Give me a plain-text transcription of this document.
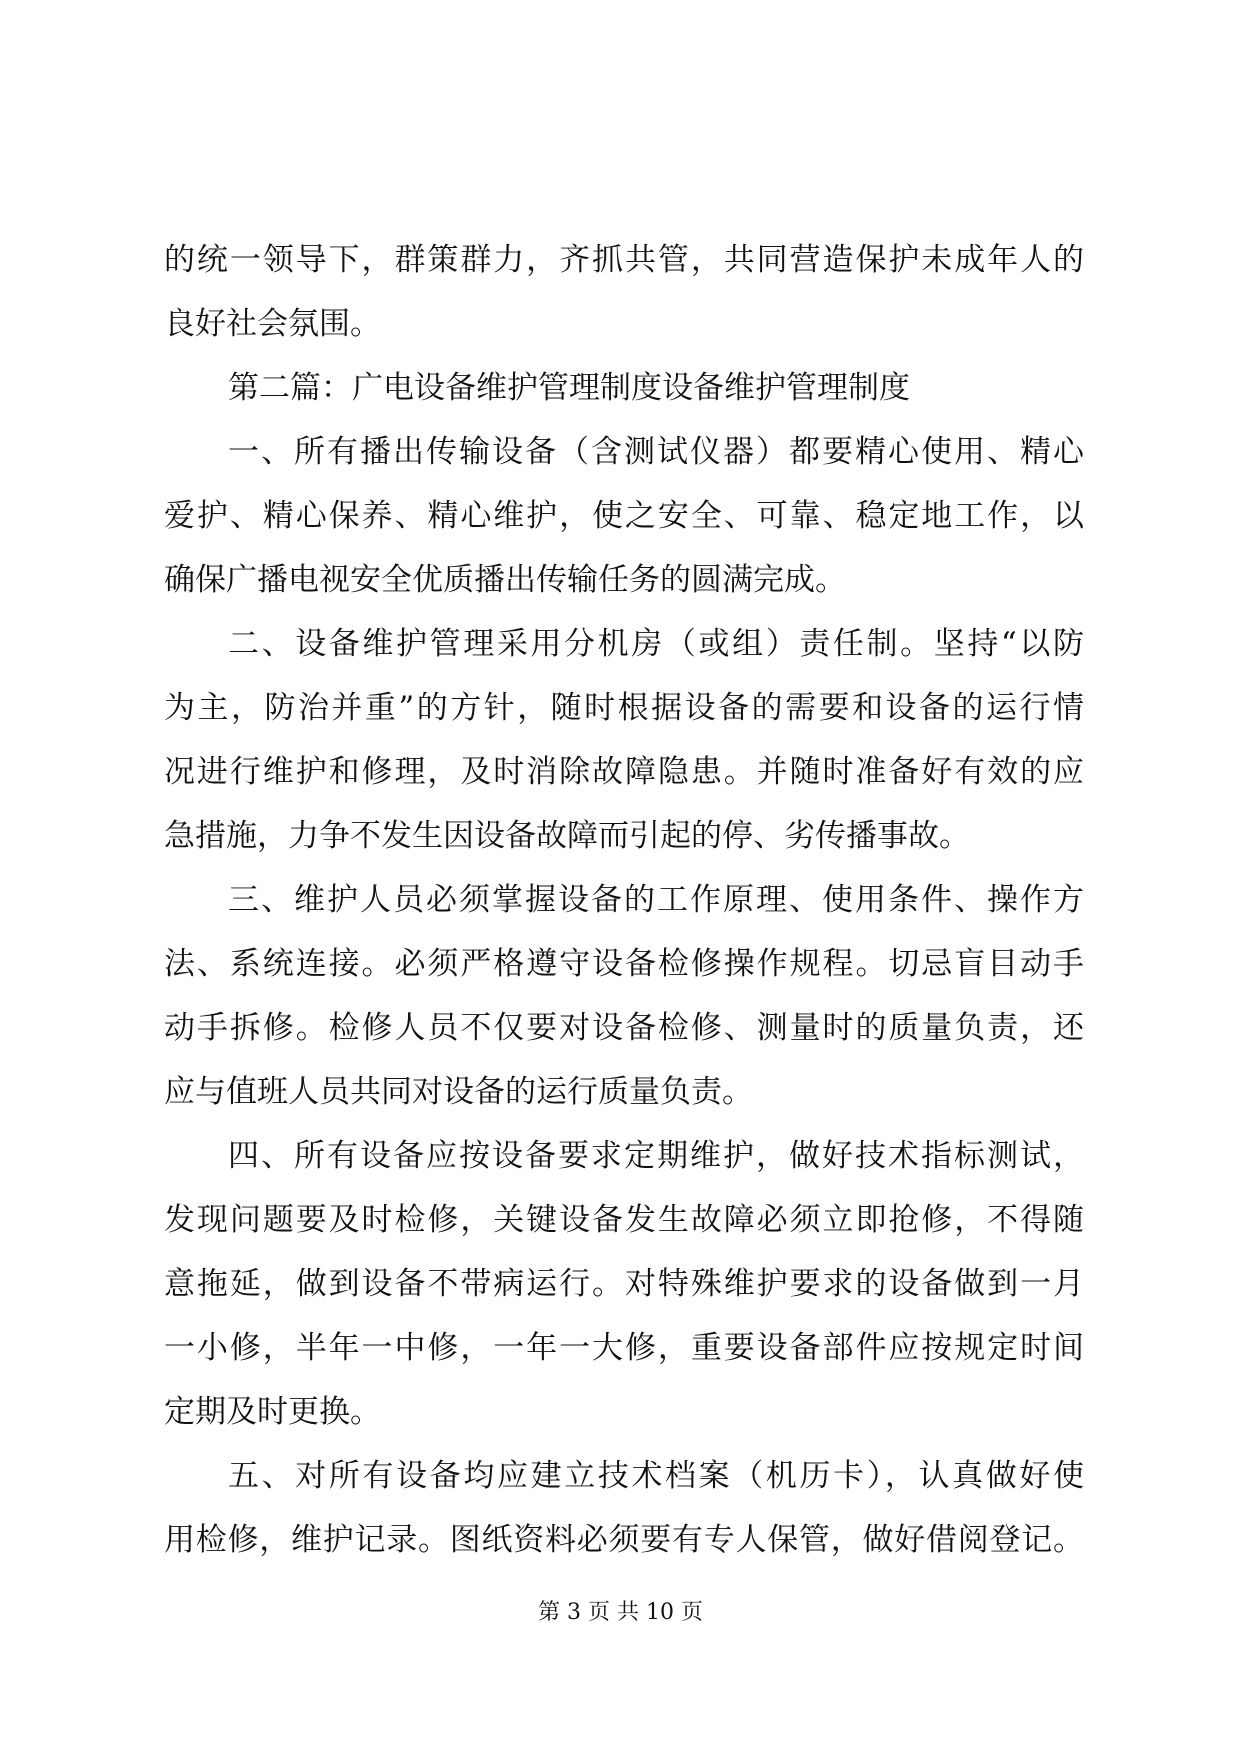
的统一领导下，群策群力，齐抓共管，共同营造保护未成年人的
良好社会氛围。
第二篇：广电设备维护管理制度设备维护管理制度
一、所有播出传输设备（含测试仪器）都要精心使用、精心
爱护、精心保养、精心维护，使之安全、可靠、稳定地工作，以
确保广播电视安全优质播出传输任务的圆满完成。
二、设备维护管理采用分机房（或组）责任制。坚持“以防
为主，防治并重”的方针，随时根据设备的需要和设备的运行情
况进行维护和修理，及时消除故障隐患。并随时准备好有效的应
急措施，力争不发生因设备故障而引起的停、劣传播事故。
三、维护人员必须掌握设备的工作原理、使用条件、操作方
法、系统连接。必须严格遵守设备检修操作规程。切忌盲目动手
动手拆修。检修人员不仅要对设备检修、测量时的质量负责，还
应与值班人员共同对设备的运行质量负责。
四、所有设备应按设备要求定期维护，做好技术指标测试，
发现问题要及时检修，关键设备发生故障必须立即抢修，不得随
意拖延，做到设备不带病运行。对特殊维护要求的设备做到一月
一小修，半年一中修，一年一大修，重要设备部件应按规定时间
定期及时更换。
五、对所有设备均应建立技术档案（机历卡），认真做好使
用检修，维护记录。图纸资料必须要有专人保管，做好借阅登记。
第 3 页 共 10 页
